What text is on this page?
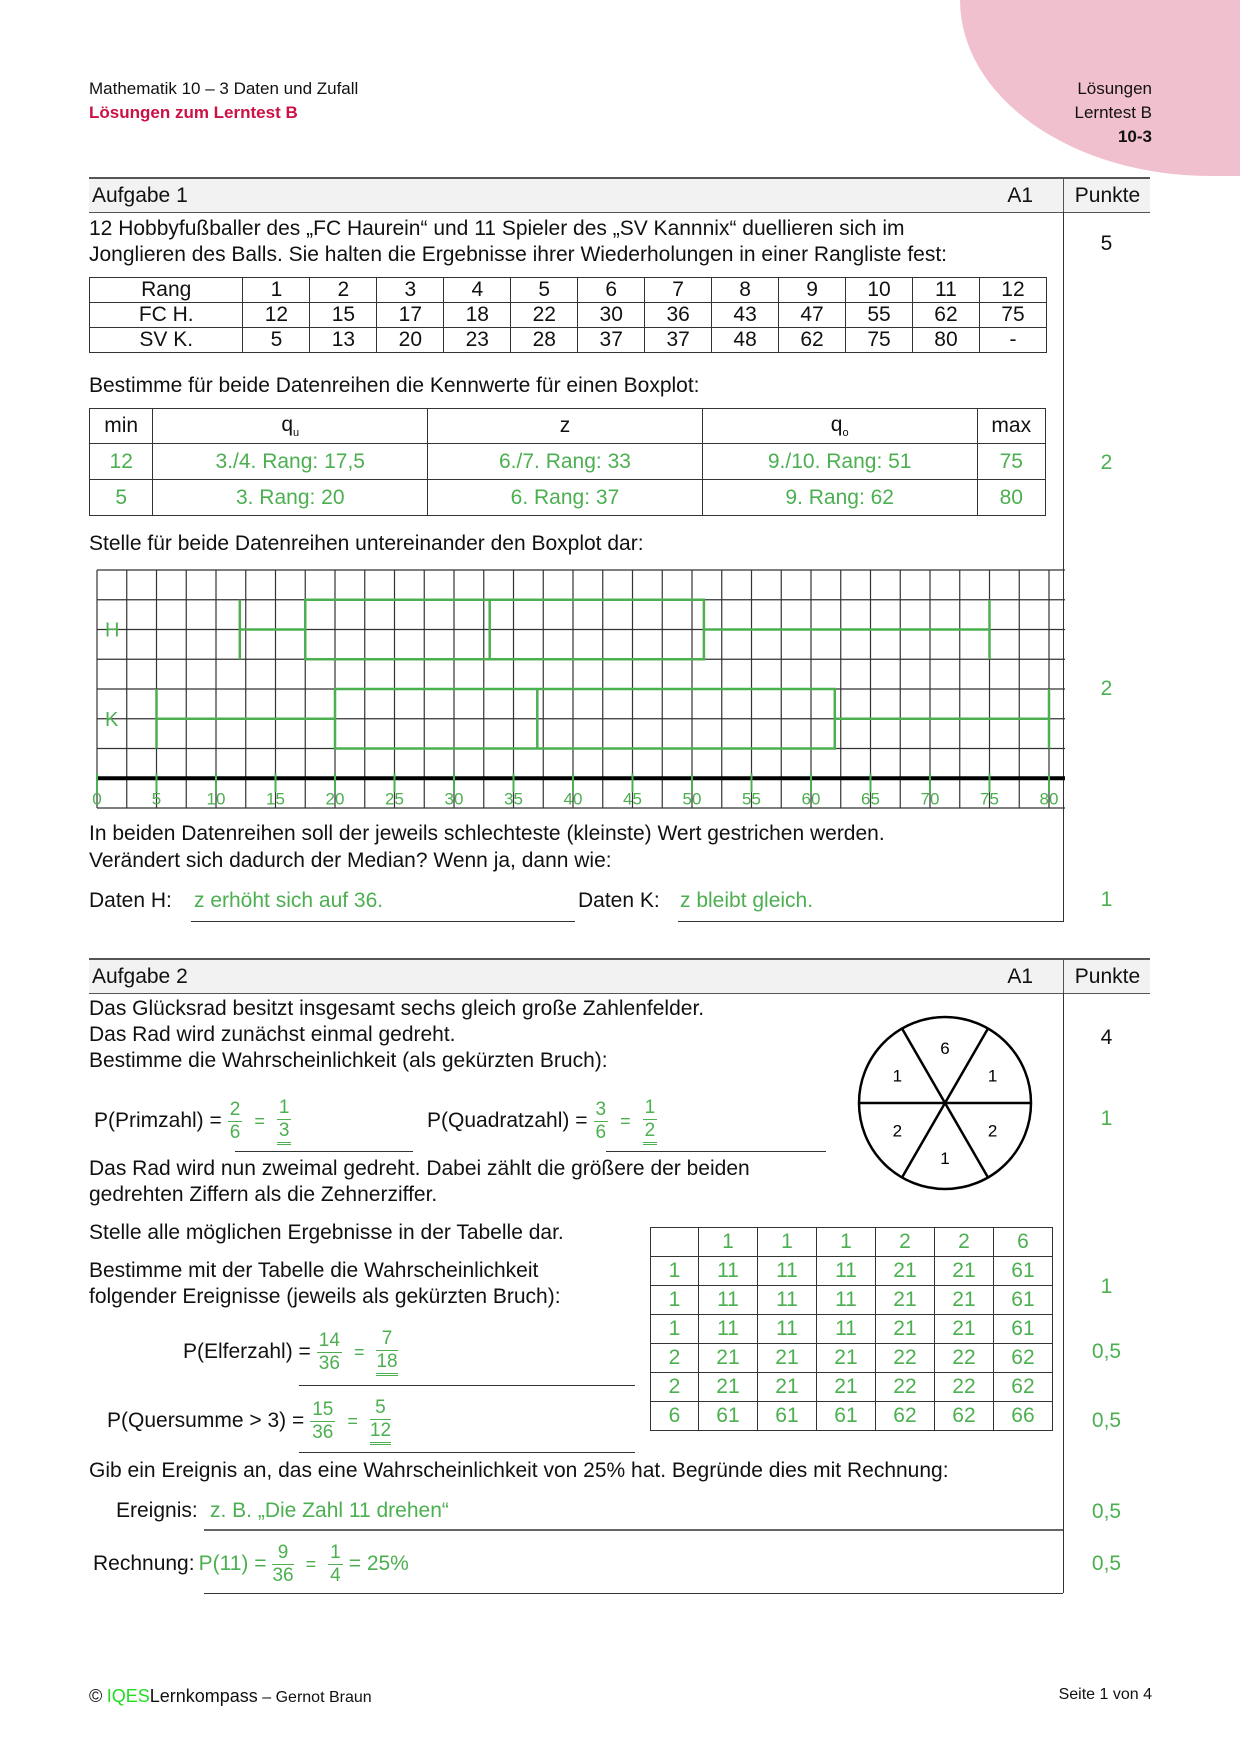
Mathematik 10 – 3 Daten und Zufall
Lösungen zum Lerntest B
Lösungen
Lerntest B
10-3
Aufgabe 1	A1	Punkte
12 Hobbyfußballer des „FC Haurein“ und 11 Spieler des „SV Kannnix“ duellieren sich im
Jonglieren des Balls. Sie halten die Ergebnisse ihrer Wiederholungen in einer Rangliste fest:
Rang	1	2	3	4	5	6	7	8	9	10	11	12
FC H.	12	15	17	18	22	30	36	43	47	55	62	75
SV K.	5	13	20	23	28	37	37	48	62	75	80	-
Bestimme für beide Datenreihen die Kennwerte für einen Boxplot:
min	$q_u$	z	$q_o$	max
12	3./4. Rang: 17,5	6./7. Rang: 33	9./10. Rang: 51	75
5	3. Rang: 20	6. Rang: 37	9. Rang: 62	80
Stelle für beide Datenreihen untereinander den Boxplot dar:
0	5	10 15 20 25 30 35 40 45 50 55 60 65 70 75 80
H
K
In beiden Datenreihen soll der jeweils schlechteste (kleinste) Wert gestrichen werden.
Verändert sich dadurch der Median? Wenn ja, dann wie:
Daten H: z erhöht sich auf 36.	Daten K: z bleibt gleich.
5
2
2
1
Aufgabe 2	A1	Punkte
Das Glücksrad besitzt insgesamt sechs gleich große Zahlenfelder.
Das Rad wird zunächst einmal gedreht.
Bestimme die Wahrscheinlichkeit (als gekürzten Bruch):
6
1
2
1
2
1
P(Primzahl) = $\frac{2}{6} = \frac{1}{3}$	P(Quadratzahl) = $\frac{3}{6} = \frac{1}{2}$
Das Rad wird nun zweimal gedreht. Dabei zählt die größere der beiden
gedrehten Ziffern als die Zehnerziffer.
Stelle alle möglichen Ergebnisse in der Tabelle dar.
Bestimme mit der Tabelle die Wahrscheinlichkeit
folgender Ereignisse (jeweils als gekürzten Bruch):
	1	1	1	2	2	6
1	11	11	11	21	21	61
1	11	11	11	21	21	61
1	11	11	11	21	21	61
2	21	21	21	22	22	62
2	21	21	21	22	22	62
6	61	61	61	62	62	66
P(Elferzahl) = $\frac{14}{36} = \frac{7}{18}$
P(Quersumme > $3) = \frac{15}{36} = \frac{5}{12}$
Gib ein Ereignis an, das eine Wahrscheinlichkeit von 25% hat. Begründe dies mit Rechnung:
Ereignis: z. B. „Die Zahl 11 drehen“
Rechnung: $P(11) = \frac{9}{36} = \frac{1}{4} = 25\%$
4
1
1
0,5
0,5
0,5
0,5
© IQESLernkompass – Gernot Braun	Seite 1 von 4
